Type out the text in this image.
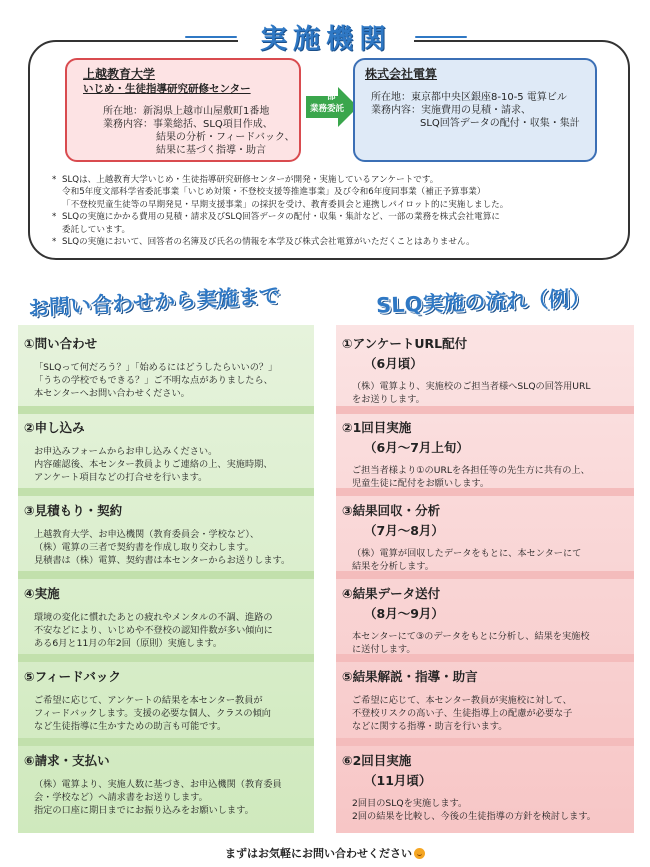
実施機関
上越教育大学
いじめ・生徒指導研究研修センター
所在地：新潟県上越市山屋敷町1番地
業務内容：事業総括、SLQ項目作成、
結果の分析・フィードバック、
結果に基づく指導・助言
一部
業務委託
株式会社電算
所在地：東京都中央区銀座8-10-5 電算ビル
業務内容：実施費用の見積・請求、
SLQ回答データの配付・収集・集計
* SLQは、上越教育大学いじめ・生徒指導研究研修センターが開発・実施しているアンケートです。
令和5年度文部科学省委託事業「いじめ対策・不登校支援等推進事業」及び令和6年度同事業（補正予算事業）
「不登校児童生徒等の早期発見・早期支援事業」の採択を受け、教育委員会と連携しパイロット的に実施しました。
* SLQの実施にかかる費用の見積・請求及びSLQ回答データの配付・収集・集計など、一部の業務を株式会社電算に
委託しています。
* SLQの実施において、回答者の名簿及び氏名の情報を本学及び株式会社電算がいただくことはありません。
お問い合わせから実施まで	SLQ実施の流れ（例）
①問い合わせ
「SLQって何だろう？」「始めるにはどうしたらいいの？」
「うちの学校でもできる？」ご不明な点がありましたら、
本センターへお問い合わせください。
②申し込み
お申込みフォームからお申し込みください。
内容確認後、本センター教員よりご連絡の上、実施時期、
アンケート項目などの打合せを行います。
③見積もり・契約
上越教育大学、お申込機関（教育委員会・学校など）、
（株）電算の三者で契約書を作成し取り交わします。
見積書は（株）電算、契約書は本センターからお送りします。
④実施
環境の変化に慣れたあとの疲れやメンタルの不調、進路の
不安などにより、いじめや不登校の認知件数が多い傾向に
ある6月と11月の年2回（原則）実施します。
⑤フィードバック
ご希望に応じて、アンケートの結果を本センター教員が
フィードバックします。支援の必要な個人、クラスの傾向
など生徒指導に生かすための助言も可能です。
⑥請求・支払い
（株）電算より、実施人数に基づき、お申込機関（教育委員
会・学校など）へ請求書をお送りします。
指定の口座に期日までにお振り込みをお願いします。
①アンケートURL配付
（6月頃）
（株）電算より、実施校のご担当者様へSLQの回答用URL
をお送りします。
②1回目実施
（6月～7月上旬）
ご担当者様より①のURLを各担任等の先生方に共有の上、
児童生徒に配付をお願いします。
③結果回収・分析
（7月～8月）
（株）電算が回収したデータをもとに、本センターにて
結果を分析します。
④結果データ送付
（8月～9月）
本センターにて③のデータをもとに分析し、結果を実施校
に送付します。
⑤結果解説・指導・助言
ご希望に応じて、本センター教員が実施校に対して、
不登校リスクの高い子、生徒指導上の配慮が必要な子
などに関する指導・助言を行います。
⑥2回目実施
（11月頃）
2回目のSLQを実施します。
2回の結果を比較し、今後の生徒指導の方針を検討します。
まずはお気軽にお問い合わせください
